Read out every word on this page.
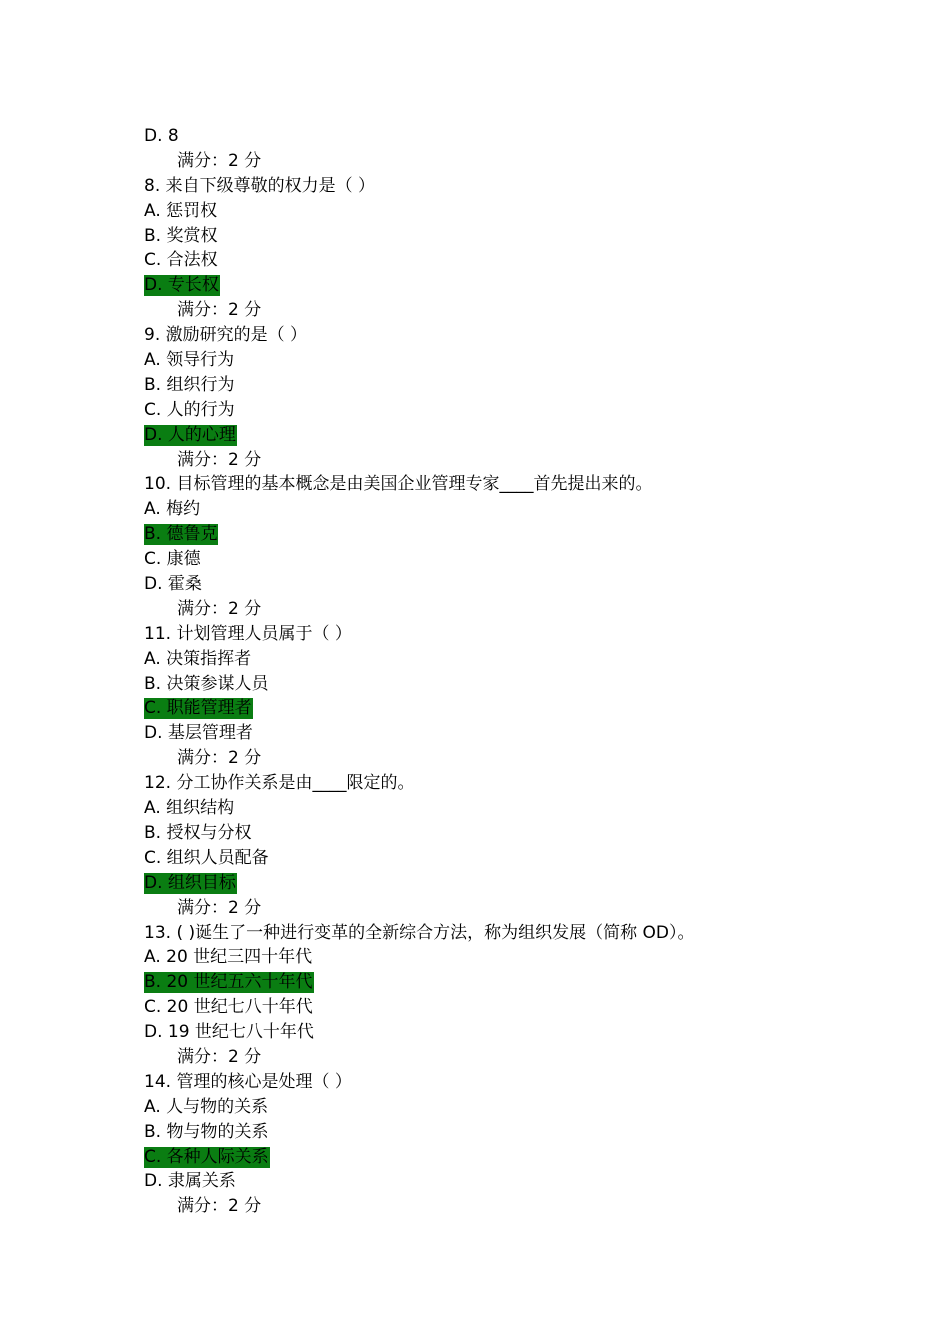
D. 8
满分：2 分
8. 来自下级尊敬的权力是（ ）
A. 惩罚权
B. 奖赏权
C. 合法权
D. 专长权
满分：2 分
9. 激励研究的是（ ）
A. 领导行为
B. 组织行为
C. 人的行为
D. 人的心理
满分：2 分
10. 目标管理的基本概念是由美国企业管理专家____首先提出来的。
A. 梅约
B. 德鲁克
C. 康德
D. 霍桑
满分：2 分
11. 计划管理人员属于（ ）
A. 决策指挥者
B. 决策参谋人员
C. 职能管理者
D. 基层管理者
满分：2 分
12. 分工协作关系是由____限定的。
A. 组织结构
B. 授权与分权
C. 组织人员配备
D. 组织目标
满分：2 分
13. ( )诞生了一种进行变革的全新综合方法，称为组织发展（简称 OD）。
A. 20 世纪三四十年代
B. 20 世纪五六十年代
C. 20 世纪七八十年代
D. 19 世纪七八十年代
满分：2 分
14. 管理的核心是处理（ ）
A. 人与物的关系
B. 物与物的关系
C. 各种人际关系
D. 隶属关系
满分：2 分
